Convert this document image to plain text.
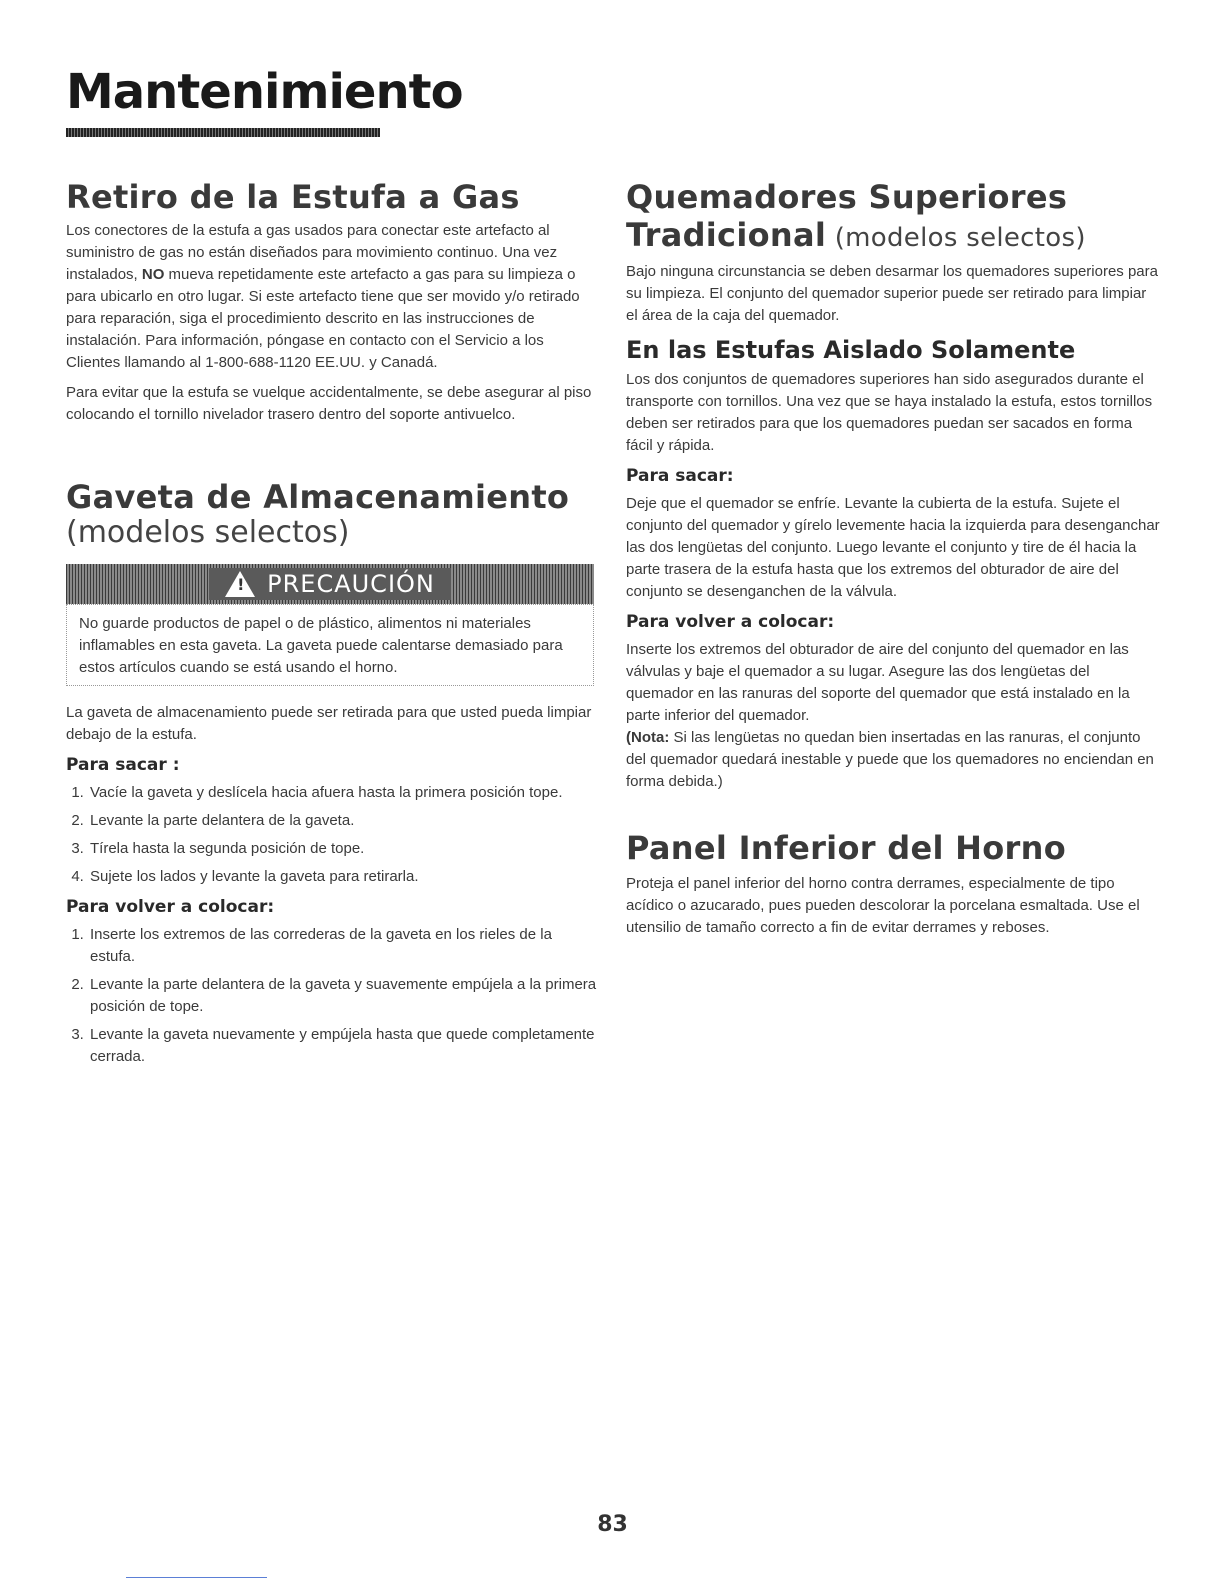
Mantenimiento
Retiro de la Estufa a Gas

Los conectores de la estufa a gas usados para conectar este artefacto al suministro de gas no están diseñados para movimiento continuo. Una vez instalados, NO mueva repetidamente este artefacto a gas para su limpieza o para ubicarlo en otro lugar. Si este artefacto tiene que ser movido y/o retirado para reparación, siga el procedimiento descrito en las instrucciones de instalación. Para información, póngase en contacto con el Servicio a los Clientes llamando al 1-800-688-1120 EE.UU. y Canadá.

Para evitar que la estufa se vuelque accidentalmente, se debe asegurar al piso colocando el tornillo nivelador trasero dentro del soporte antivuelco.

Gaveta de Almacenamiento
(modelos selectos)
!
PRECAUCIÓN

No guarde productos de papel o de plástico, alimentos ni materiales inflamables en esta gaveta. La gaveta puede calentarse demasiado para estos artículos cuando se está usando el horno.

La gaveta de almacenamiento puede ser retirada para que usted pueda limpiar debajo de la estufa.

Para sacar :
1. Vacíe la gaveta y deslícela hacia afuera hasta la primera posición tope.
2. Levante la parte delantera de la gaveta.
3. Tírela hasta la segunda posición de tope.
4. Sujete los lados y levante la gaveta para retirarla.
Para volver a colocar:
1. Inserte los extremos de las correderas de la gaveta en los rieles de la estufa.
2. Levante la parte delantera de la gaveta y suavemente empújela a la primera posición de tope.
3. Levante la gaveta nuevamente y empújela hasta que quede completamente cerrada.
Quemadores Superiores
Tradicional (modelos selectos)

Bajo ninguna circunstancia se deben desarmar los quemadores superiores para su limpieza. El conjunto del quemador superior puede ser retirado para limpiar el área de la caja del quemador.

En las Estufas Aislado Solamente

Los dos conjuntos de quemadores superiores han sido asegurados durante el transporte con tornillos. Una vez que se haya instalado la estufa, estos tornillos deben ser retirados para que los quemadores puedan ser sacados en forma fácil y rápida.

Para sacar:

Deje que el quemador se enfríe. Levante la cubierta de la estufa. Sujete el conjunto del quemador y gírelo levemente hacia la izquierda para desenganchar las dos lengüetas del conjunto. Luego levante el conjunto y tire de él hacia la parte trasera de la estufa hasta que los extremos del obturador de aire del conjunto se desenganchen de la válvula.

Para volver a colocar:

Inserte los extremos del obturador de aire del conjunto del quemador en las válvulas y baje el quemador a su lugar. Asegure las dos lengüetas del quemador en las ranuras del soporte del quemador que está instalado en la parte inferior del quemador.
(Nota: Si las lengüetas no quedan bien insertadas en las ranuras, el conjunto del quemador quedará inestable y puede que los quemadores no enciendan en forma debida.)

Panel Inferior del Horno

Proteja el panel inferior del horno contra derrames, especialmente de tipo acídico o azucarado, pues pueden descolorar la porcelana esmaltada. Use el utensilio de tamaño correcto a fin de evitar derrames y reboses.

83
